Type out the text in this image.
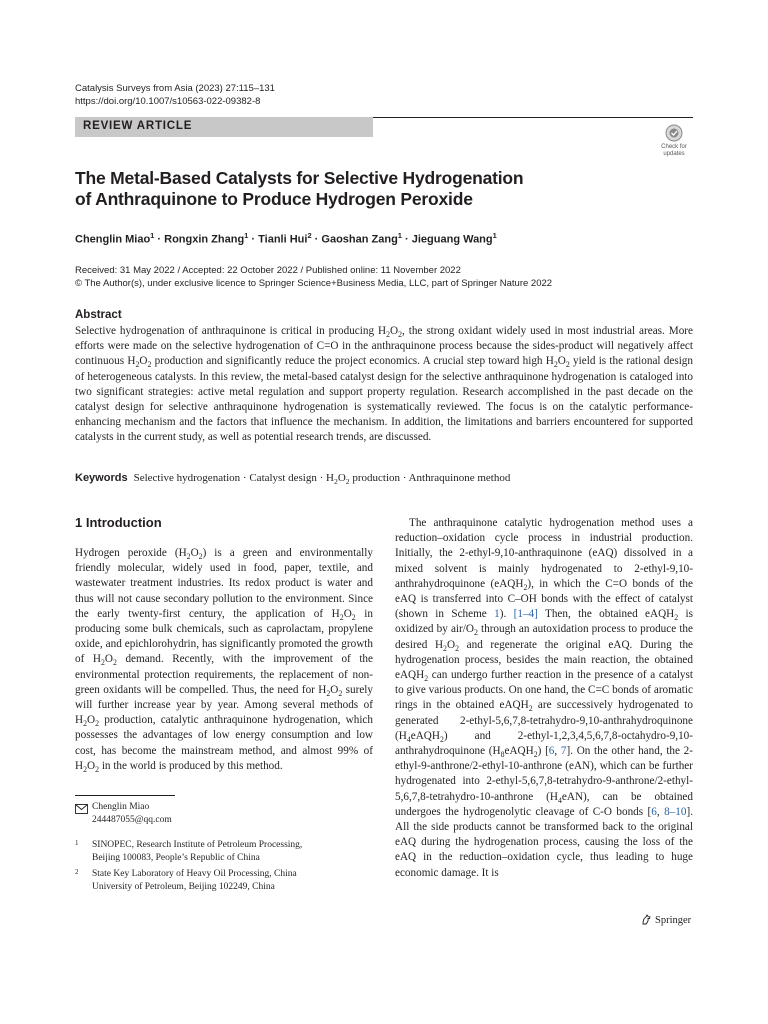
Catalysis Surveys from Asia (2023) 27:115–131
https://doi.org/10.1007/s10563-022-09382-8
REVIEW ARTICLE
Check for
updates
The Metal-Based Catalysts for Selective Hydrogenation
of Anthraquinone to Produce Hydrogen Peroxide
Chenglin Miao$^1$ · Rongxin Zhang$^1$ · Tianli Hui$^2$ · Gaoshan Zang$^1$ · Jieguang Wang$^1$
Received: 31 May 2022 / Accepted: 22 October 2022 / Published online: 11 November 2022
© The Author(s), under exclusive licence to Springer Science+Business Media, LLC, part of Springer Nature 2022
Abstract

Selective hydrogenation of anthraquinone is critical in producing $H_2O_2$, the strong oxidant widely used in most industrial areas. More efforts were made on the selective hydrogenation of C=O in the anthraquinone process because the sides-product will negatively affect continuous $H_2O_2$ production and significantly reduce the project economics. A crucial step toward high $H_2O_2$ yield is the rational design of heterogeneous catalysts. In this review, the metal-based catalyst design for the selective anthraquinone hydrogenation is cataloged into two significant strategies: active metal regulation and support property regulation. Research accomplished in the past decade on the catalyst design for selective anthraquinone hydrogenation is systematically reviewed. The focus is on the catalytic performance-enhancing mechanism and the factors that influence the mechanism. In addition, the limitations and barriers encountered for supported catalysts in the current study, as well as potential research trends, are discussed.

Keywords Selective hydrogenation · Catalyst design · $H_2O_2$ production · Anthraquinone method
1 Introduction

Hydrogen peroxide $(H_2O_2)$ is a green and environmentally friendly molecular, widely used in food, paper, textile, and wastewater treatment industries. Its redox product is water and thus will not cause secondary pollution to the environment. Since the early twenty-first century, the application of $H_2O_2$ in producing some bulk chemicals, such as caprolactam, propylene oxide, and epichlorohydrin, has significantly promoted the growth of $H_2O_2$ demand. Recently, with the improvement of the environmental protection requirements, the replacement of non-green oxidants will be compelled. Thus, the need for $H_2O_2$ surely will further increase year by year. Among several methods of $H_2O_2$ production, catalytic anthraquinone hydrogenation, which possesses the advantages of low energy consumption and low cost, has become the mainstream method, and almost 99% of $H_2O_2$ in the world is produced by this method.

The anthraquinone catalytic hydrogenation method uses a reduction–oxidation cycle process in industrial production. Initially, the 2-ethyl-9,10-anthraquinone (eAQ) dissolved in a mixed solvent is mainly hydrogenated to 2-ethyl-9,10-anthrahydroquinone (eAQH$_2$), in which the C=O bonds of the eAQ is transferred into C–OH bonds with the effect of catalyst (shown in Scheme 1). [1–4] Then, the obtained eAQH$_2$ is oxidized by air/$O_2$ through an autoxidation process to produce the desired $H_2O_2$ and regenerate the original eAQ. During the hydrogenation process, besides the main reaction, the obtained eAQH$_2$ can undergo further reaction in the presence of a catalyst to give various products. On one hand, the C=C bonds of aromatic rings in the obtained eAQH$_2$ are successively hydrogenated to generated 2-ethyl-5,6,7,8-tetrahydro-9,10-anthrahydroquinone $(H_4eAQH_2)$ and 2-ethyl-1,2,3,4,5,6,7,8-octahydro-9,10-anthrahydroquinone $(H_8eAQH_2)$ [6, 7]. On the other hand, the 2-ethyl-9-anthrone/2-ethyl-10-anthrone (eAN), which can be further hydrogenated into 2-ethyl-5,6,7,8-tetrahydro-9-anthrone/2-ethyl-5,6,7,8-tetrahydro-10-anthrone $(H_4eAN)$, can be obtained undergoes the hydrogenolytic cleavage of C-O bonds [6, 8–10]. All the side products cannot be transformed back to the original eAQ during the hydrogenation process, causing the loss of the eAQ in the reduction–oxidation cycle, thus leading to huge economic damage. It is

Chenglin Miao
244487055@qq.com
1 SINOPEC, Research Institute of Petroleum Processing,
Beijing 100083, People’s Republic of China
2 State Key Laboratory of Heavy Oil Processing, China
University of Petroleum, Beijing 102249, China
Springer
